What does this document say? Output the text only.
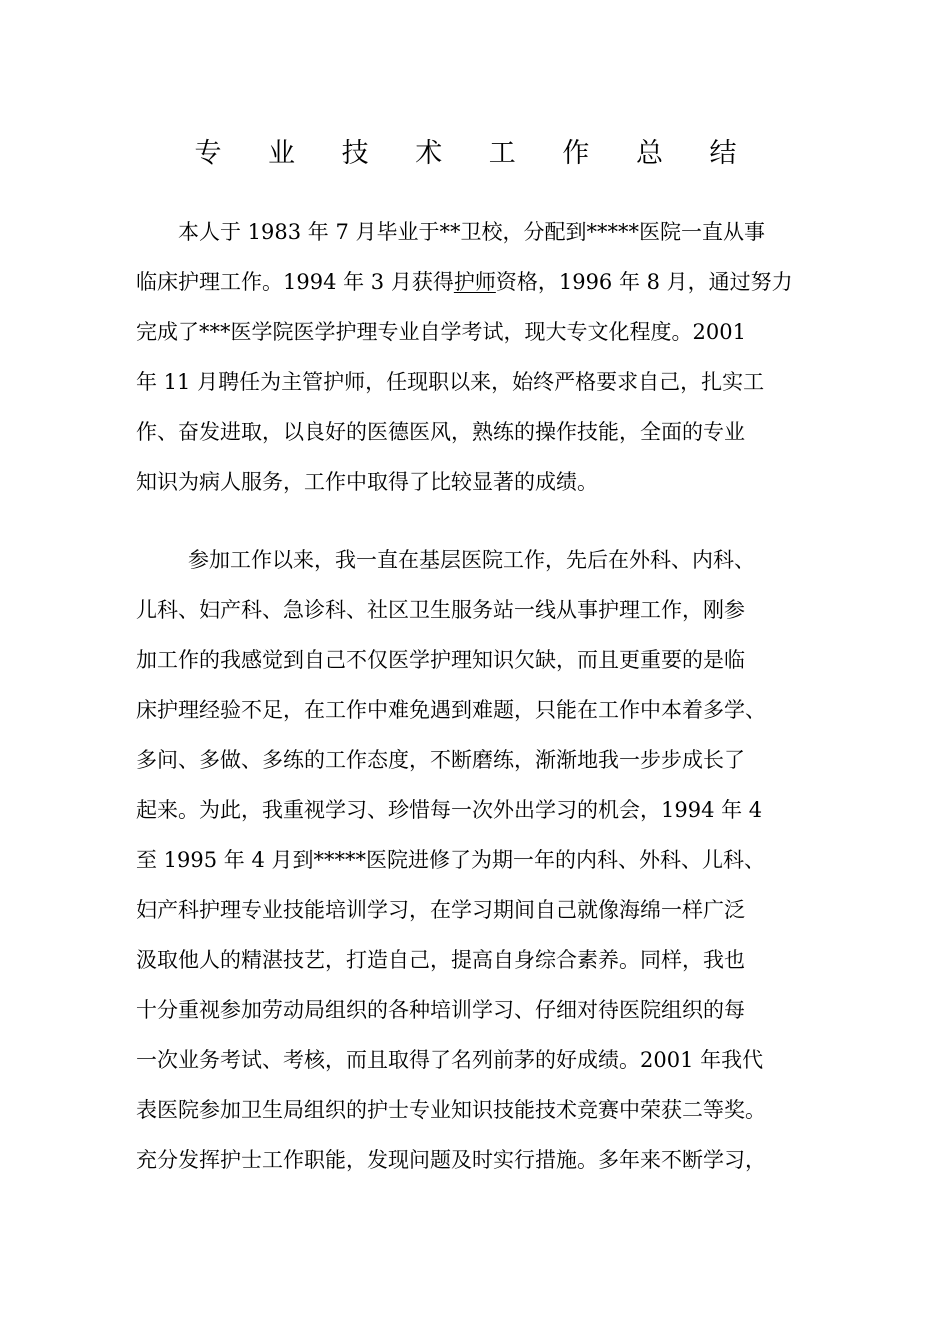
专 业 技 术 工 作 总 结
本人于 1983 年 7 月毕业于**卫校，分配到*****医院一直从事
临床护理工作。1994 年 3 月获得护师资格，1996 年 8 月，通过努力
完成了***医学院医学护理专业自学考试，现大专文化程度。2001
年 11 月聘任为主管护师，任现职以来，始终严格要求自己，扎实工
作、奋发进取，以良好的医德医风，熟练的操作技能，全面的专业
知识为病人服务，工作中取得了比较显著的成绩。
参加工作以来，我一直在基层医院工作，先后在外科、内科、
儿科、妇产科、急诊科、社区卫生服务站一线从事护理工作，刚参
加工作的我感觉到自己不仅医学护理知识欠缺，而且更重要的是临
床护理经验不足，在工作中难免遇到难题，只能在工作中本着多学、
多问、多做、多练的工作态度，不断磨练，渐渐地我一步步成长了
起来。为此，我重视学习、珍惜每一次外出学习的机会，1994 年 4
至 1995 年 4 月到*****医院进修了为期一年的内科、外科、儿科、
妇产科护理专业技能培训学习，在学习期间自己就像海绵一样广泛
汲取他人的精湛技艺，打造自己，提高自身综合素养。同样，我也
十分重视参加劳动局组织的各种培训学习、仔细对待医院组织的每
一次业务考试、考核，而且取得了名列前茅的好成绩。2001 年我代
表医院参加卫生局组织的护士专业知识技能技术竞赛中荣获二等奖。
充分发挥护士工作职能，发现问题及时实行措施。多年来不断学习，
